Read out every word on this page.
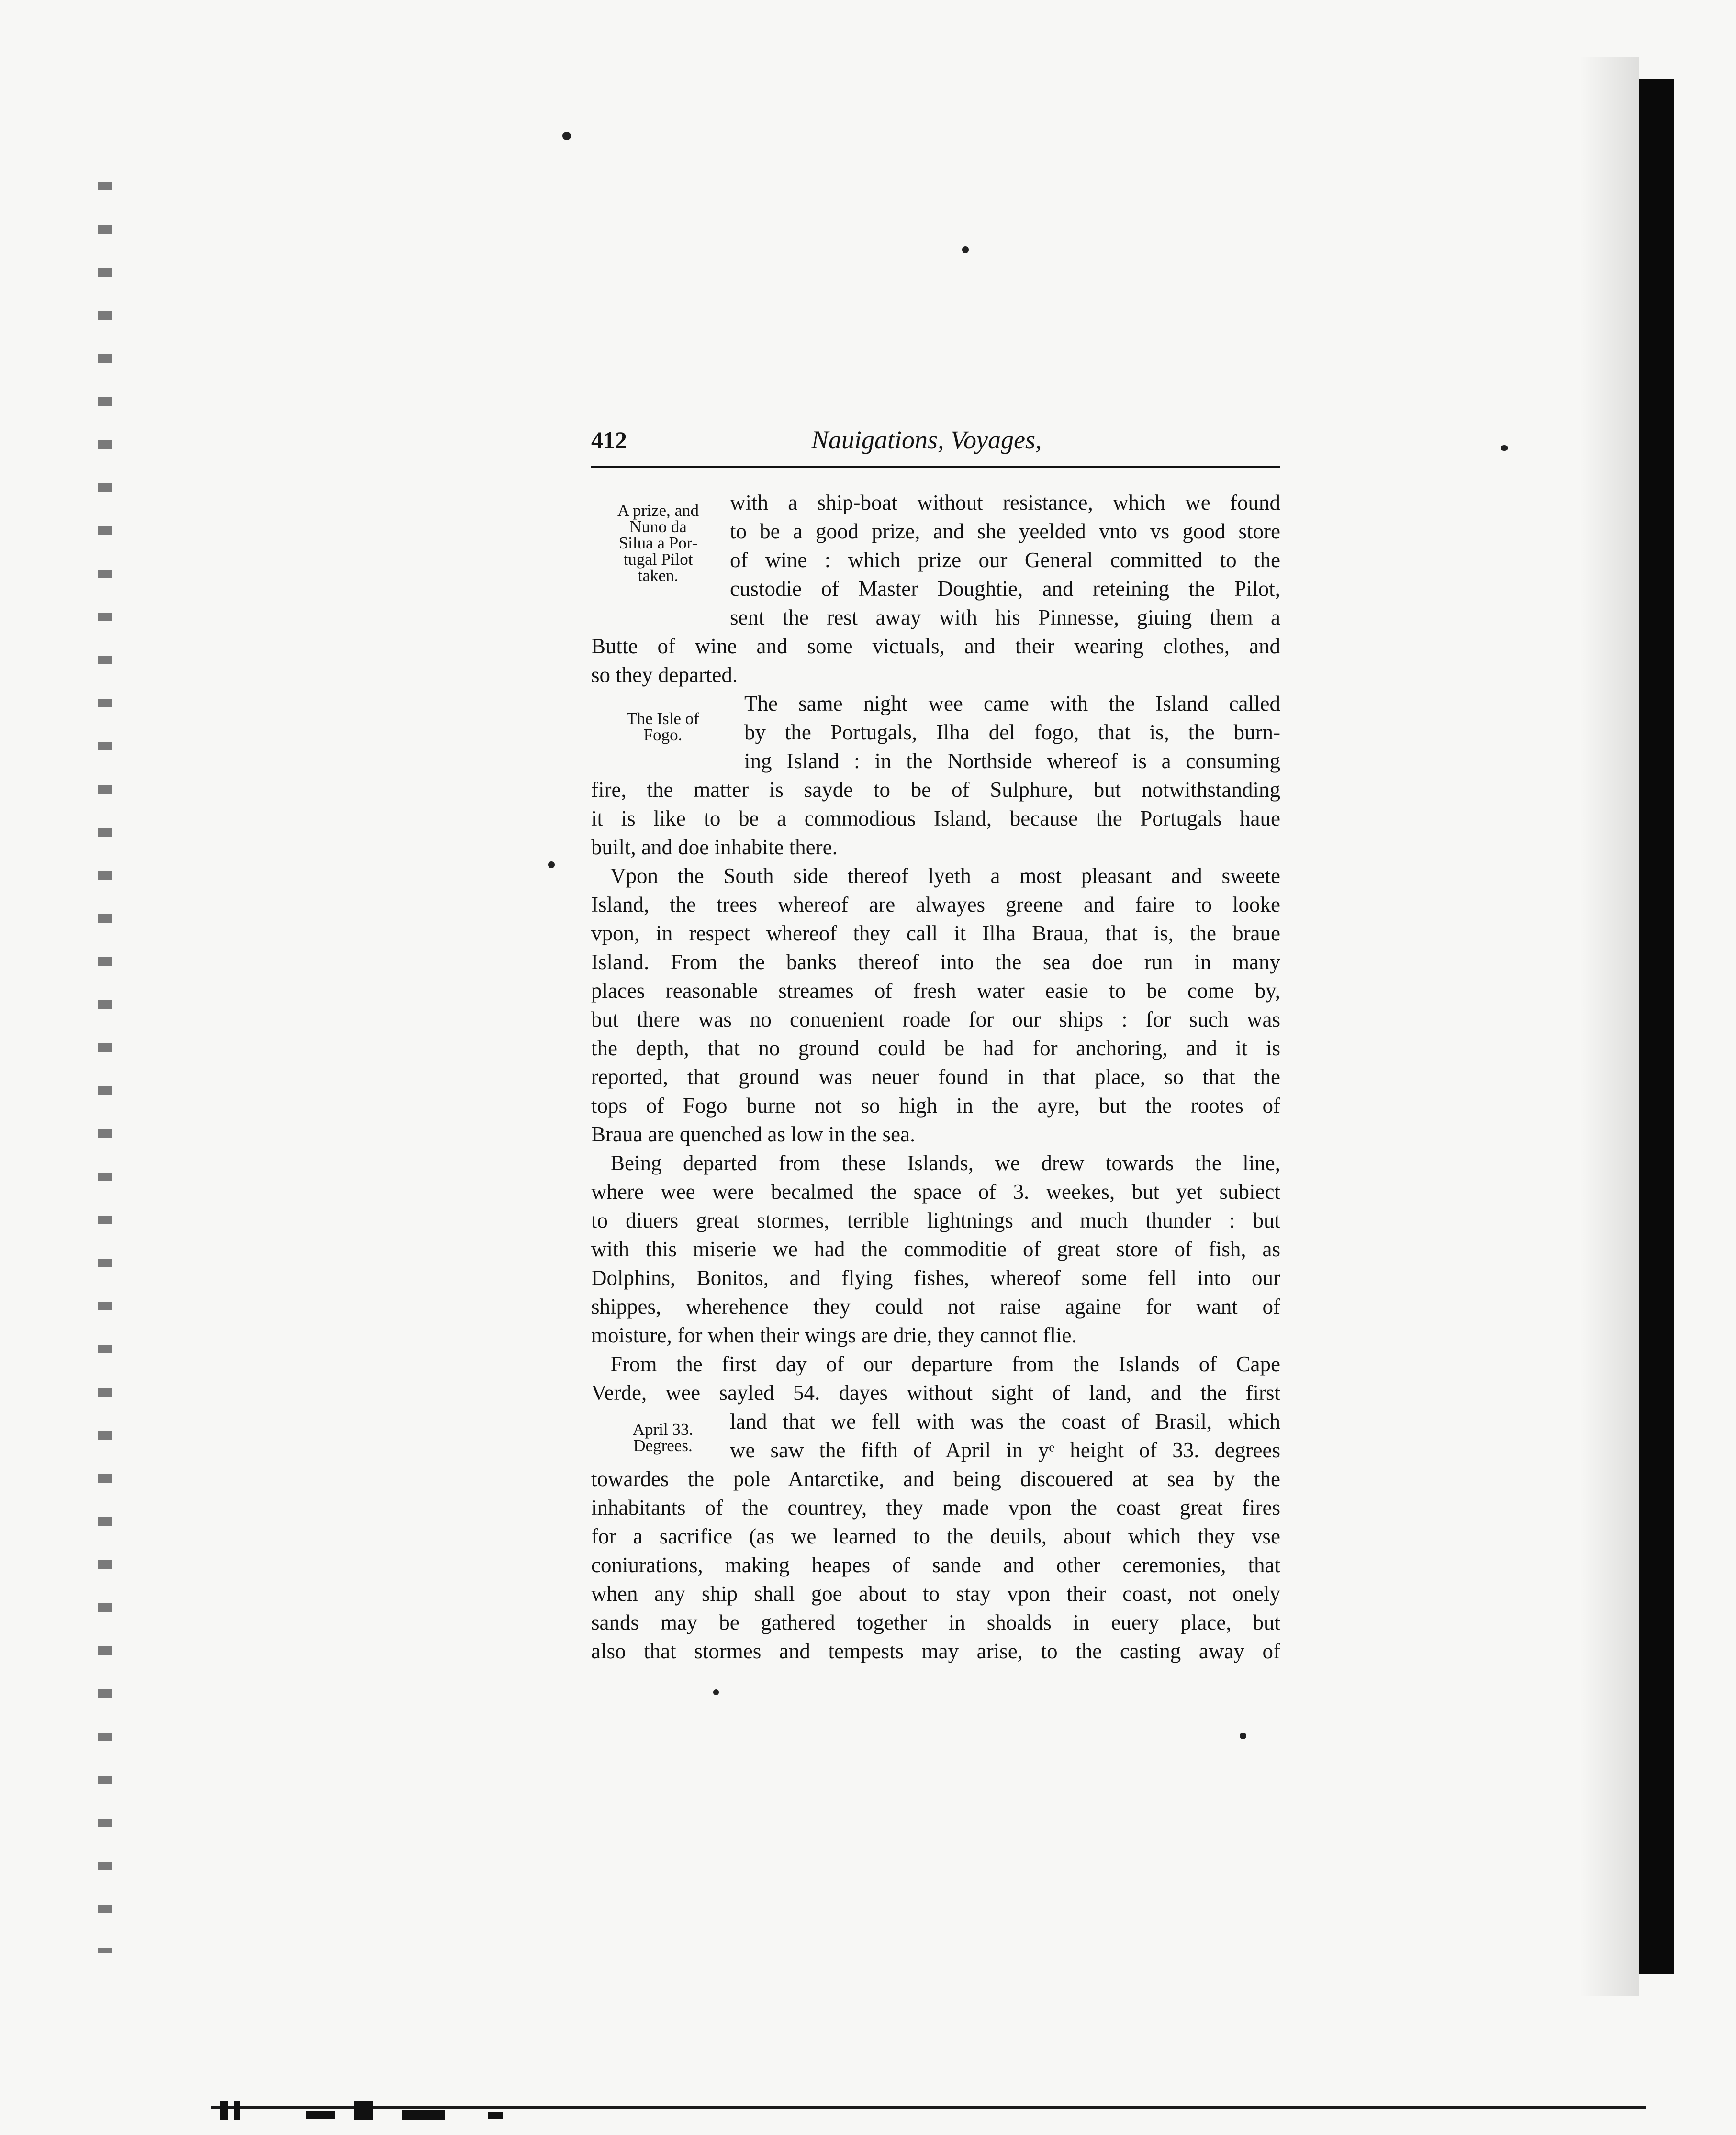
412	Nauigations, Voyages,
A prize, and
Nuno da
Silua a Por-
tugal Pilot
taken.
The Isle of
Fogo.
April 33.
Degrees.
with a ship-boat without resistance, which we found
to be a good prize, and she yeelded vnto vs good store
of wine : which prize our General committed to the
custodie of Master Doughtie, and reteining the Pilot,
sent the rest away with his Pinnesse, giuing them a
Butte of wine and some victuals, and their wearing clothes, and
so they departed.
The same night wee came with the Island called
by the Portugals, Ilha del fogo, that is, the burn-
ing Island : in the Northside whereof is a consuming
fire, the matter is sayde to be of Sulphure, but notwithstanding
it is like to be a commodious Island, because the Portugals haue
built, and doe inhabite there.
Vpon the South side thereof lyeth a most pleasant and sweete
Island, the trees whereof are alwayes greene and faire to looke
vpon, in respect whereof they call it Ilha Braua, that is, the braue
Island. From the banks thereof into the sea doe run in many
places reasonable streames of fresh water easie to be come by,
but there was no conuenient roade for our ships : for such was
the depth, that no ground could be had for anchoring, and it is
reported, that ground was neuer found in that place, so that the
tops of Fogo burne not so high in the ayre, but the rootes of
Braua are quenched as low in the sea.
Being departed from these Islands, we drew towards the line,
where wee were becalmed the space of 3. weekes, but yet subiect
to diuers great stormes, terrible lightnings and much thunder : but
with this miserie we had the commoditie of great store of fish, as
Dolphins, Bonitos, and flying fishes, whereof some fell into our
shippes, wherehence they could not raise againe for want of
moisture, for when their wings are drie, they cannot flie.
From the first day of our departure from the Islands of Cape
Verde, wee sayled 54. dayes without sight of land, and the first
land that we fell with was the coast of Brasil, which
we saw the fifth of April in yᵉ height of 33. degrees
towardes the pole Antarctike, and being discouered at sea by the
inhabitants of the countrey, they made vpon the coast great fires
for a sacrifice (as we learned to the deuils, about which they vse
coniurations, making heapes of sande and other ceremonies, that
when any ship shall goe about to stay vpon their coast, not onely
sands may be gathered together in shoalds in euery place, but
also that stormes and tempests may arise, to the casting away of
